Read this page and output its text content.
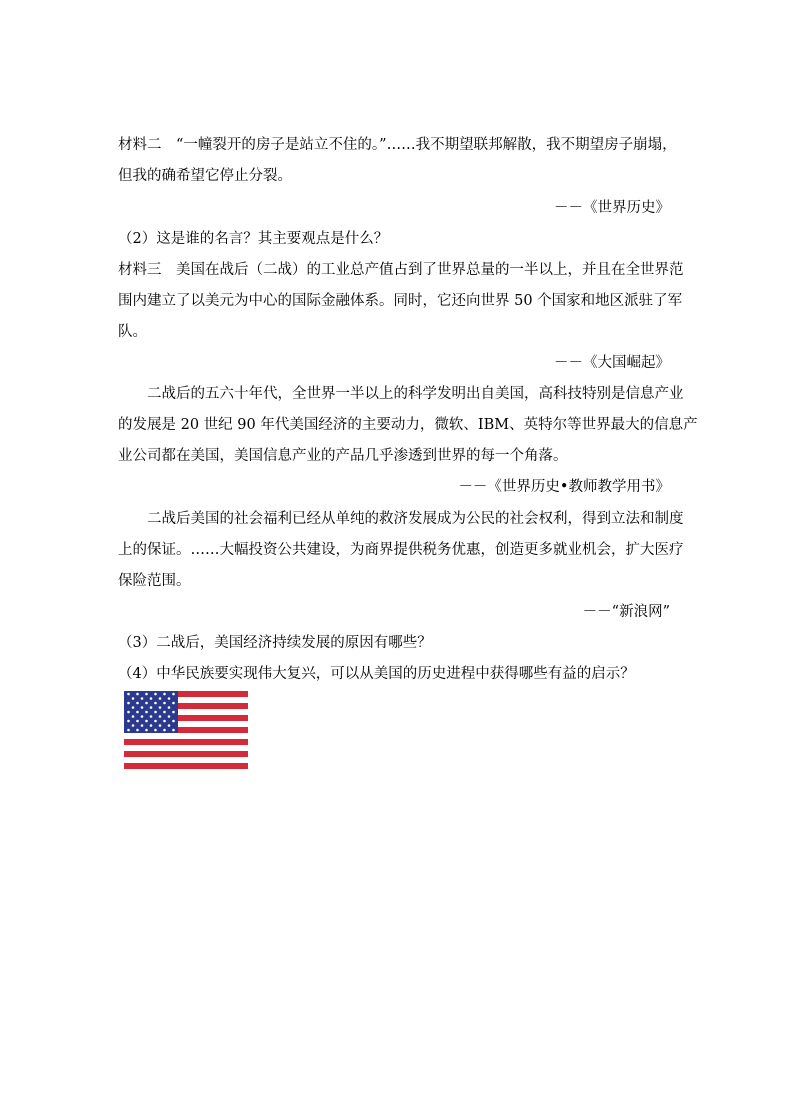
材料二　“一幢裂开的房子是站立不住的。”……我不期望联邦解散，我不期望房子崩塌，
但我的确希望它停止分裂。
－－《世界历史》
（2）这是谁的名言？其主要观点是什么？
材料三　美国在战后（二战）的工业总产值占到了世界总量的一半以上，并且在全世界范
围内建立了以美元为中心的国际金融体系。同时，它还向世界 50 个国家和地区派驻了军
队。
－－《大国崛起》
二战后的五六十年代，全世界一半以上的科学发明出自美国，高科技特别是信息产业
的发展是 20 世纪 90 年代美国经济的主要动力，微软、IBM、英特尔等世界最大的信息产
业公司都在美国，美国信息产业的产品几乎渗透到世界的每一个角落。
－－《世界历史•教师教学用书》
二战后美国的社会福利已经从单纯的救济发展成为公民的社会权利，得到立法和制度
上的保证。……大幅投资公共建设，为商界提供税务优惠，创造更多就业机会，扩大医疗
保险范围。
－－“新浪网”
（3）二战后，美国经济持续发展的原因有哪些？
（4）中华民族要实现伟大复兴，可以从美国的历史进程中获得哪些有益的启示？
